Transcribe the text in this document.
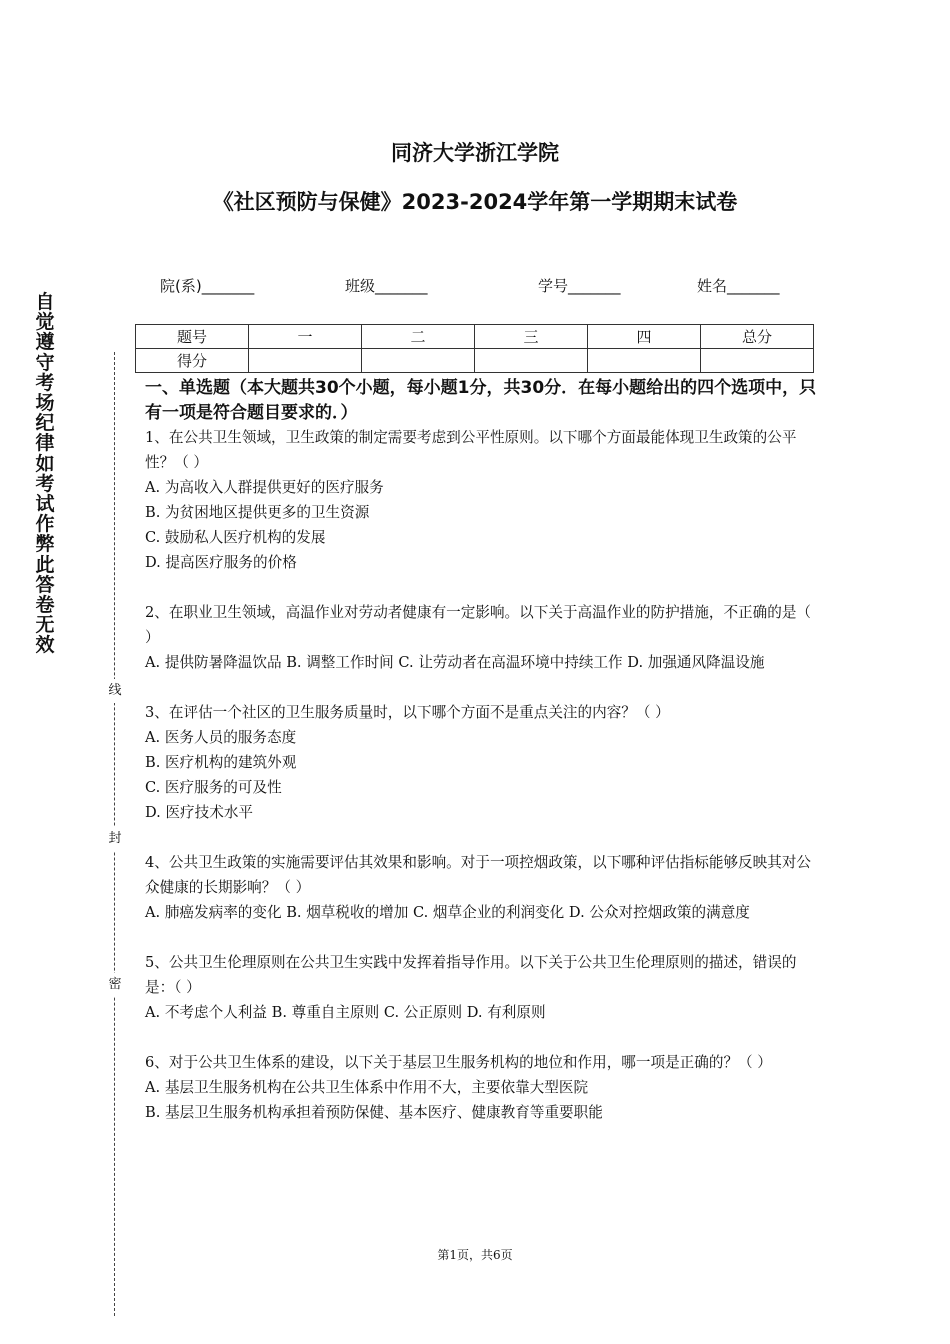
同济大学浙江学院
《社区预防与保健》2023-2024学年第一学期期末试卷
院(系)_______	班级_______	学号_______	姓名_______
题号	一	二	三	四	总分
得分					
自觉遵守考场纪律如考试作弊此答卷无效
线
封
密
一、单选题（本大题共30个小题，每小题1分，共30分．在每小题给出的四个选项中，只有一项是符合题目要求的．）
1、在公共卫生领域，卫生政策的制定需要考虑到公平性原则。以下哪个方面最能体现卫生政策的公平性？（ ）
A. 为高收入人群提供更好的医疗服务
B. 为贫困地区提供更多的卫生资源
C. 鼓励私人医疗机构的发展
D. 提高医疗服务的价格
2、在职业卫生领域，高温作业对劳动者健康有一定影响。以下关于高温作业的防护措施，不正确的是（ ）
A. 提供防暑降温饮品 B. 调整工作时间 C. 让劳动者在高温环境中持续工作 D. 加强通风降温设施
3、在评估一个社区的卫生服务质量时，以下哪个方面不是重点关注的内容？（ ）
A. 医务人员的服务态度
B. 医疗机构的建筑外观
C. 医疗服务的可及性
D. 医疗技术水平
4、公共卫生政策的实施需要评估其效果和影响。对于一项控烟政策，以下哪种评估指标能够反映其对公众健康的长期影响？（ ）
A. 肺癌发病率的变化 B. 烟草税收的增加 C. 烟草企业的利润变化 D. 公众对控烟政策的满意度
5、公共卫生伦理原则在公共卫生实践中发挥着指导作用。以下关于公共卫生伦理原则的描述，错误的是：（ ）
A. 不考虑个人利益 B. 尊重自主原则 C. 公正原则 D. 有利原则
6、对于公共卫生体系的建设，以下关于基层卫生服务机构的地位和作用，哪一项是正确的？（ ）
A. 基层卫生服务机构在公共卫生体系中作用不大，主要依靠大型医院
B. 基层卫生服务机构承担着预防保健、基本医疗、健康教育等重要职能
第1页，共6页
